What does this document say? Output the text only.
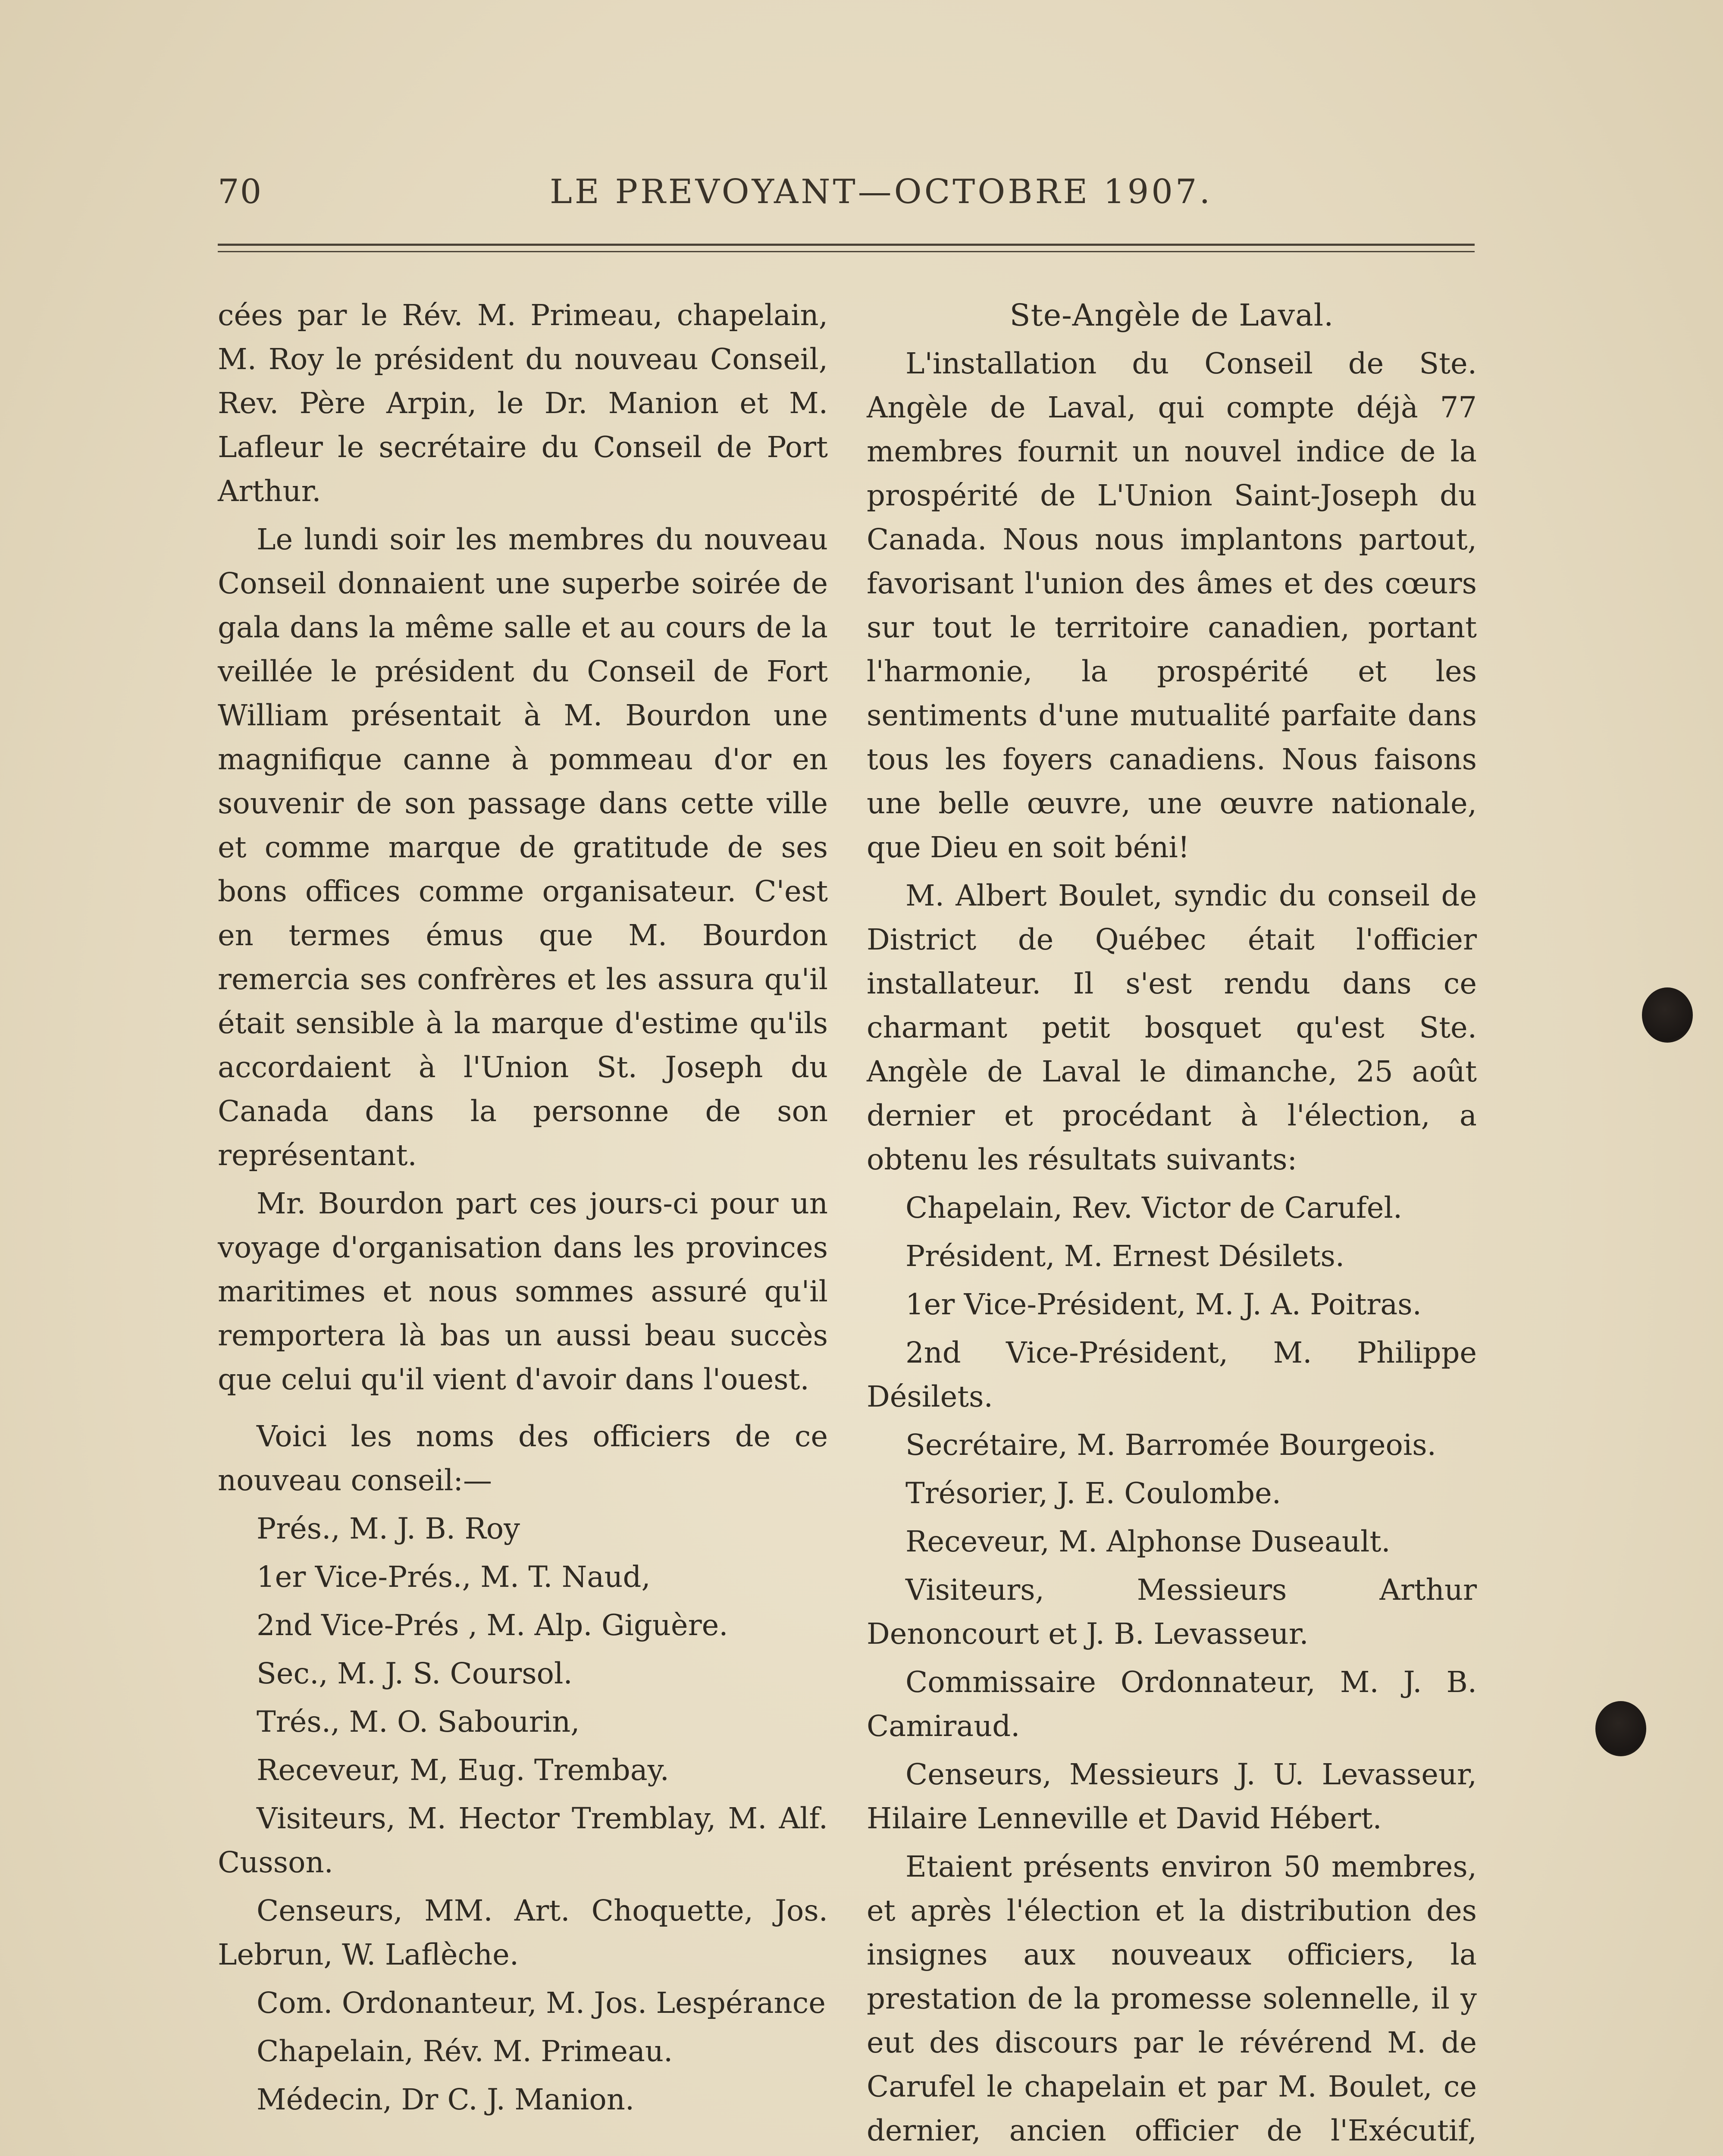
70	LE PREVOYANT—OCTOBRE 1907.

cées par le Rév. M. Primeau, chapelain, M. Roy le président du nouveau Conseil, Rev. Père Arpin, le Dr. Manion et M. Lafleur le secrétaire du Conseil de Port Arthur.

Le lundi soir les membres du nouveau Conseil donnaient une superbe soirée de gala dans la même salle et au cours de la veillée le président du Conseil de Fort William présentait à M. Bourdon une magnifique canne à pommeau d'or en souvenir de son passage dans cette ville et comme marque de gratitude de ses bons offices comme organisateur. C'est en termes émus que M. Bourdon remercia ses confrères et les assura qu'il était sensible à la marque d'estime qu'ils accordaient à l'Union St. Joseph du Canada dans la personne de son représentant.

Mr. Bourdon part ces jours-ci pour un voyage d'organisation dans les provinces maritimes et nous sommes assuré qu'il remportera là bas un aussi beau succès que celui qu'il vient d'avoir dans l'ouest.

Voici les noms des officiers de ce nouveau conseil:—

Prés., M. J. B. Roy

1er Vice-Prés., M. T. Naud,

2nd Vice-Prés , M. Alp. Giguère.

Sec., M. J. S. Coursol.

Trés., M. O. Sabourin,

Receveur, M, Eug. Trembay.

Visiteurs, M. Hector Tremblay, M. Alf. Cusson.

Censeurs, MM. Art. Choquette, Jos. Lebrun, W. Laflèche.

Com. Ordonanteur, M. Jos. Lespérance

Chapelain, Rév. M. Primeau.

Médecin, Dr C. J. Manion.

Ste-Angèle de Laval.

L'installation du Conseil de Ste. Angèle de Laval, qui compte déjà 77 membres fournit un nouvel indice de la prospérité de L'Union Saint-Joseph du Canada. Nous nous implantons partout, favorisant l'union des âmes et des cœurs sur tout le territoire canadien, portant l'harmonie, la prospérité et les sentiments d'une mutualité parfaite dans tous les foyers canadiens. Nous faisons une belle œuvre, une œuvre nationale, que Dieu en soit béni!

M. Albert Boulet, syndic du conseil de District de Québec était l'officier installateur. Il s'est rendu dans ce charmant petit bosquet qu'est Ste. Angèle de Laval le dimanche, 25 août dernier et procédant à l'élection, a obtenu les résultats suivants:

Chapelain, Rev. Victor de Carufel.

Président, M. Ernest Désilets.

1er Vice-Président, M. J. A. Poitras.

2nd Vice-Président, M. Philippe Désilets.

Secrétaire, M. Barromée Bourgeois.

Trésorier, J. E. Coulombe.

Receveur, M. Alphonse Duseault.

Visiteurs, Messieurs Arthur Denoncourt et J. B. Levasseur.

Commissaire Ordonnateur, M. J. B. Camiraud.

Censeurs, Messieurs J. U. Levasseur, Hilaire Lenneville et David Hébert.

Etaient présents environ 50 membres, et après l'élection et la distribution des insignes aux nouveaux officiers, la prestation de la promesse solennelle, il y eut des discours par le révérend M. de Carufel le chapelain et par M. Boulet, ce dernier, ancien officier de l'Exécutif,
